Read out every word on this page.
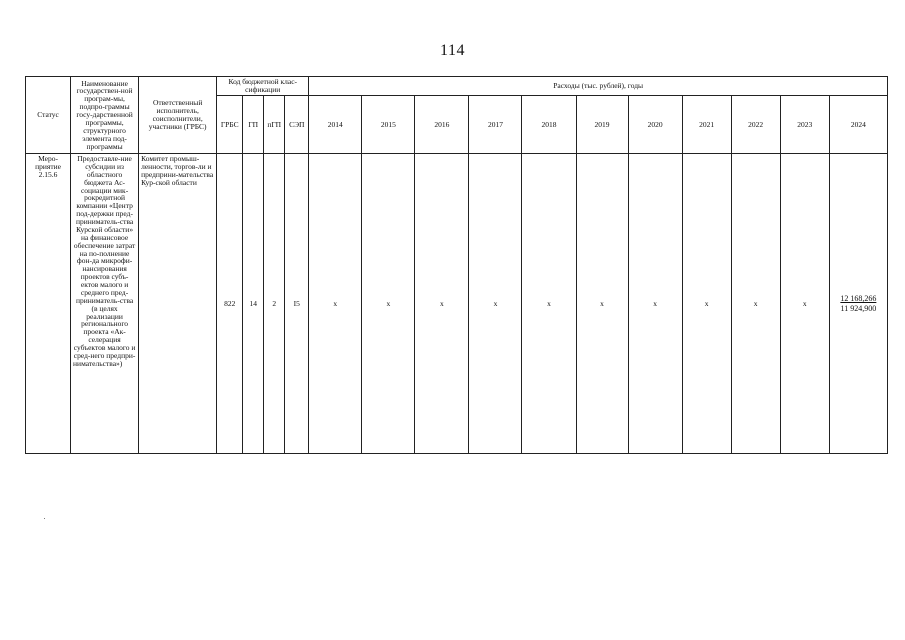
114
Статус	Наименование государствен-ной програм-мы, подпро-граммы госу-дарственной программы, структурного элемента под-программы	Ответственный исполнитель, соисполнители, участники (ГРБС)	Код бюджетной клас-сификации				Расходы (тыс. рублей), годы										
			ГРБС	ГП	пГП	СЭП	2014	2015	2016	2017	2018	2019	2020	2021	2022	2023	2024
Меро-приятие 2.15.6	Предоставле-ние субсидии из областного бюджета Ас-социации мик-рокредитной компании «Центр под-держки пред-приниматель-ства Курской области» на финансовое обеспечение затрат на по-полнение фон-да микрофи-нансирования проектов субъ-ектов малого и среднего пред-приниматель-ства (в целях реализации регионального проекта «Ак-селерация субъектов малого и сред-него предпри-нимательства»)	Комитет промыш-ленности, торгов-ли и предприни-мательства Кур-ской области	822	14	2	I5	x	x	x	x	x	x	x	x	x	x	12 168,266
11 924,900
